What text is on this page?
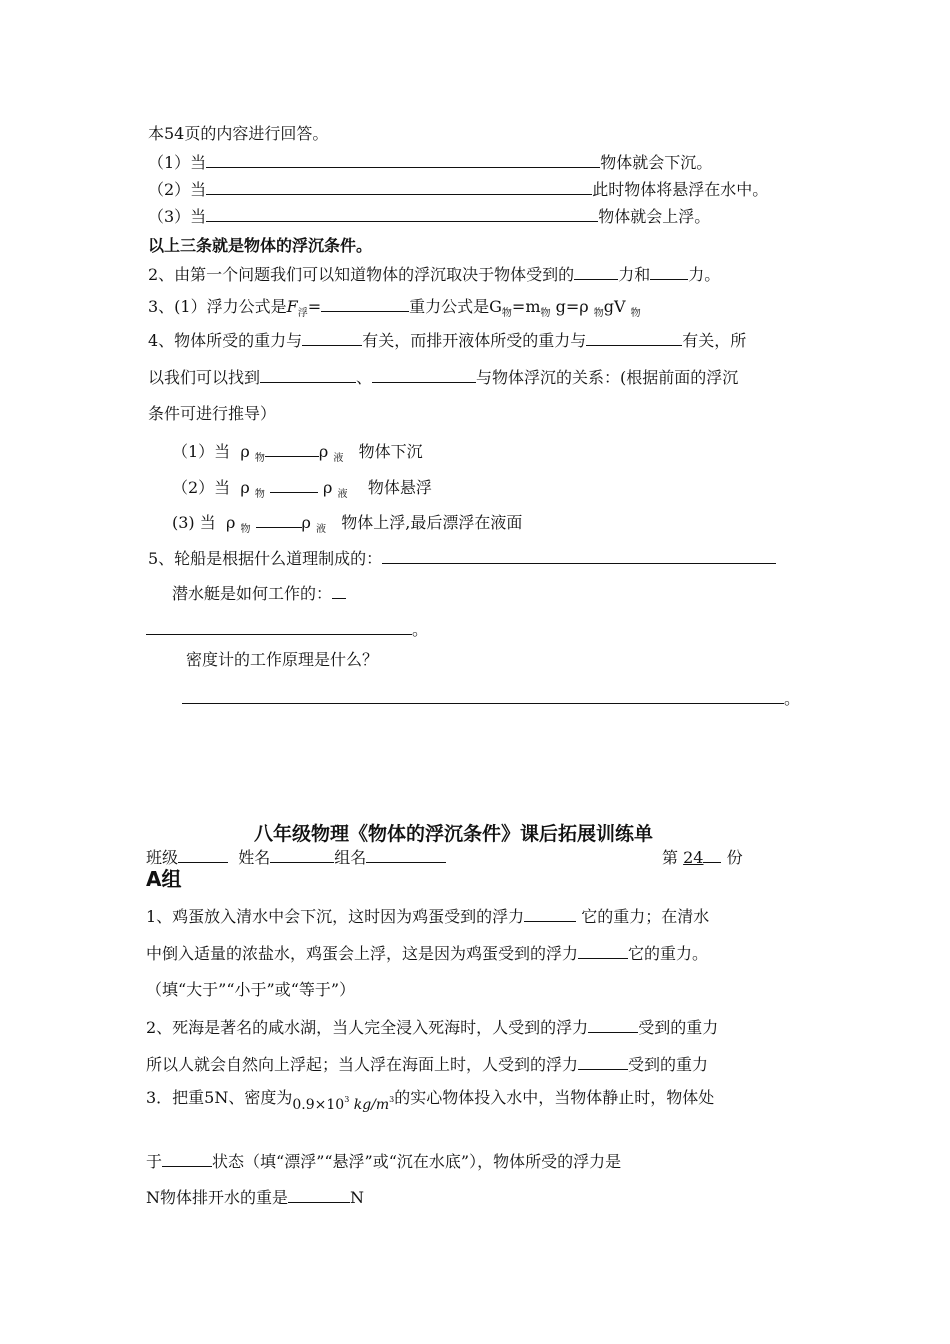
本54页的内容进行回答。
（1）当	物体就会下沉。
（2）当	此时物体将悬浮在水中。
（3）当	物体就会上浮。
以上三条就是物体的浮沉条件。
2、由第一个问题我们可以知道物体的浮沉取决于物体受到的	力和 力。
3、(1）浮力公式是$F_浮=$	重力公式是$G_物=m_物$ g=ρ $_物$gV $_物$
4、物体所受的重力与	有关，而排开液体所受的重力与	有关，所
以我们可以找到	、	与物体浮沉的关系：(根据前面的浮沉
条件可进行推导）
（1）当 ρ $_物$	ρ $_液$ 物体下沉
（2）当 ρ $_物$	ρ $_液$ 物体悬浮
(3) 当 ρ $_物$	ρ $_液$ 物体上浮,最后漂浮在液面
5、轮船是根据什么道理制成的：
潜水艇是如何工作的：
。
密度计的工作原理是什么？
。
八年级物理《物体的浮沉条件》课后拓展训练单
班级	姓名	组名	第 24 份
A组
1、鸡蛋放入清水中会下沉，这时因为鸡蛋受到的浮力	它的重力；在清水
中倒入适量的浓盐水，鸡蛋会上浮，这是因为鸡蛋受到的浮力	它的重力。
（填“大于”“小于”或“等于”）
2、死海是著名的咸水湖，当人完全浸入死海时，人受到的浮力	受到的重力
所以人就会自然向上浮起；当人浮在海面上时，人受到的浮力	受到的重力
3．把重5N、密度为$0.9\times 10^3$ $kg/m^3$的实心物体投入水中，当物体静止时，物体处
于	状态（填“漂浮”“悬浮”或“沉在水底”），物体所受的浮力是
N物体排开水的重是	N
